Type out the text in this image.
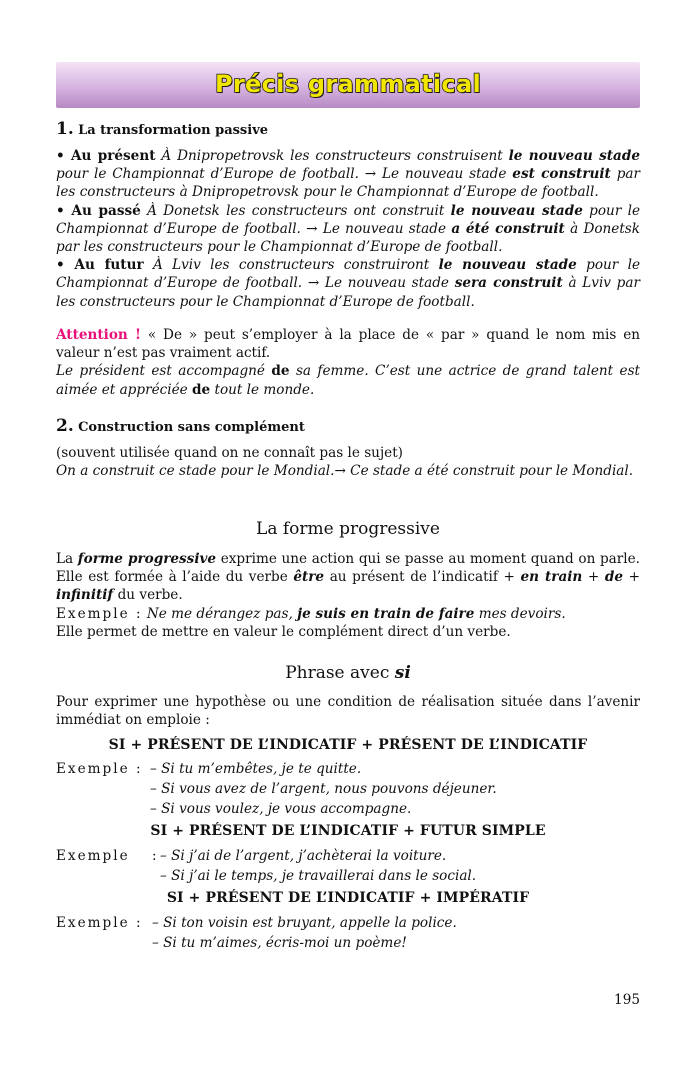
Précis grammatical
1. La transformation passive

• Au présent À Dnipropetrovsk les constructeurs construisent le nouveau stade pour le Championnat d’Europe de football. → Le nouveau stade est construit par les constructeurs à Dnipropetrovsk pour le Championnat d’Europe de football.

• Au passé À Donetsk les constructeurs ont construit le nouveau stade pour le Championnat d’Europe de football. → Le nouveau stade a été construit à Donetsk par les constructeurs pour le Championnat d’Europe de football.

• Au futur À Lviv les constructeurs construiront le nouveau stade pour le Championnat d’Europe de football. → Le nouveau stade sera construit à Lviv par les constructeurs pour le Championnat d’Europe de football.

Attention ! « De » peut s’employer à la place de « par » quand le nom mis en valeur n’est pas vraiment actif.

Le président est accompagné de sa femme. C’est une actrice de grand talent est aimée et appréciée de tout le monde.

2. Construction sans complément

(souvent utilisée quand on ne connaît pas le sujet)

On a construit ce stade pour le Mondial.→ Ce stade a été construit pour le Mondial.

La forme progressive

La forme progressive exprime une action qui se passe au moment quand on parle. Elle est formée à l’aide du verbe être au présent de l’indicatif + en train + de + infinitif du verbe.

Exemple : Ne me dérangez pas, je suis en train de faire mes devoirs.

Elle permet de mettre en valeur le complément direct d’un verbe.

Phrase avec si
Pour exprimer une hypothèse ou une condition de réalisation située dans l’avenir immédiat on emploie :
SI + PRÉSENT DE L’INDICATIF + PRÉSENT DE L’INDICATIF
Exemple : – Si tu m’embêtes, je te quitte.
– Si vous avez de l’argent, nous pouvons déjeuner.
– Si vous voulez, je vous accompagne.
SI + PRÉSENT DE L’INDICATIF + FUTUR SIMPLE
Exemple : – Si j’ai de l’argent, j’achèterai la voiture.
– Si j’ai le temps, je travaillerai dans le social.
SI + PRÉSENT DE L’INDICATIF + IMPÉRATIF
Exemple : – Si ton voisin est bruyant, appelle la police.
– Si tu m’aimes, écris-moi un poème!
195
